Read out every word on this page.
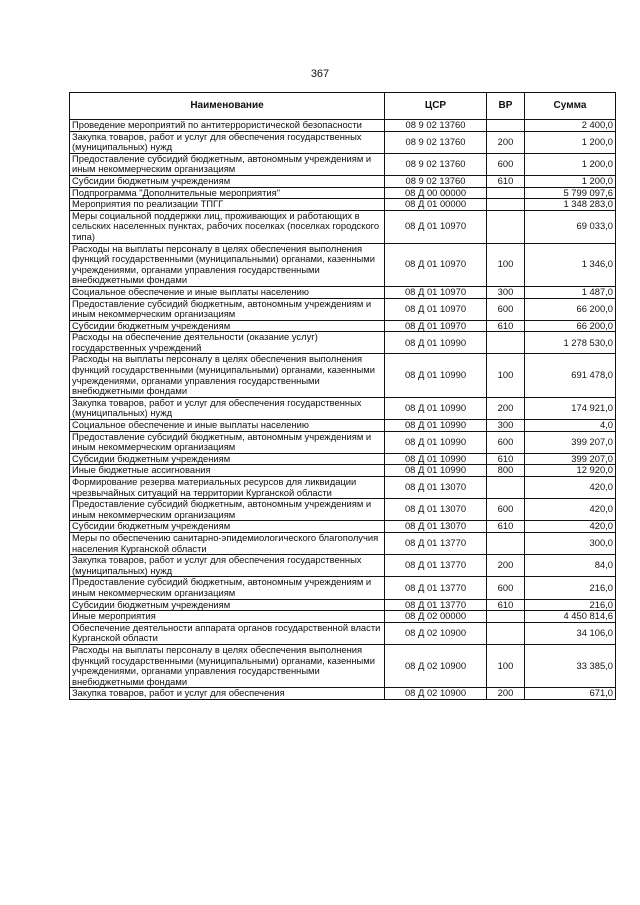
367
Наименование	ЦСР	ВР	Сумма
Проведение мероприятий по антитеррористической безопасности	08 9 02 13760		2 400,0
Закупка товаров, работ и услуг для обеспечения государственных (муниципальных) нужд	08 9 02 13760	200	1 200,0
Предоставление субсидий бюджетным, автономным учреждениям и иным некоммерческим организациям	08 9 02 13760	600	1 200,0
Субсидии бюджетным учреждениям	08 9 02 13760	610	1 200,0
Подпрограмма "Дополнительные мероприятия"	08 Д 00 00000		5 799 097,6
Мероприятия по реализации ТПГГ	08 Д 01 00000		1 348 283,0
Меры социальной поддержки лиц, проживающих и работающих в сельских населенных пунктах, рабочих поселках (поселках городского типа)	08 Д 01 10970		69 033,0
Расходы на выплаты персоналу в целях обеспечения выполнения функций государственными (муниципальными) органами, казенными учреждениями, органами управления государственными внебюджетными фондами	08 Д 01 10970	100	1 346,0
Социальное обеспечение и иные выплаты населению	08 Д 01 10970	300	1 487,0
Предоставление субсидий бюджетным, автономным учреждениям и иным некоммерческим организациям	08 Д 01 10970	600	66 200,0
Субсидии бюджетным учреждениям	08 Д 01 10970	610	66 200,0
Расходы на обеспечение деятельности (оказание услуг) государственных учреждений	08 Д 01 10990		1 278 530,0
Расходы на выплаты персоналу в целях обеспечения выполнения функций государственными (муниципальными) органами, казенными учреждениями, органами управления государственными внебюджетными фондами	08 Д 01 10990	100	691 478,0
Закупка товаров, работ и услуг для обеспечения государственных (муниципальных) нужд	08 Д 01 10990	200	174 921,0
Социальное обеспечение и иные выплаты населению	08 Д 01 10990	300	4,0
Предоставление субсидий бюджетным, автономным учреждениям и иным некоммерческим организациям	08 Д 01 10990	600	399 207,0
Субсидии бюджетным учреждениям	08 Д 01 10990	610	399 207,0
Иные бюджетные ассигнования	08 Д 01 10990	800	12 920,0
Формирование резерва материальных ресурсов для ликвидации чрезвычайных ситуаций на территории Курганской области	08 Д 01 13070		420,0
Предоставление субсидий бюджетным, автономным учреждениям и иным некоммерческим организациям	08 Д 01 13070	600	420,0
Субсидии бюджетным учреждениям	08 Д 01 13070	610	420,0
Меры по обеспечению санитарно-эпидемиологического благополучия населения Курганской области	08 Д 01 13770		300,0
Закупка товаров, работ и услуг для обеспечения государственных (муниципальных) нужд	08 Д 01 13770	200	84,0
Предоставление субсидий бюджетным, автономным учреждениям и иным некоммерческим организациям	08 Д 01 13770	600	216,0
Субсидии бюджетным учреждениям	08 Д 01 13770	610	216,0
Иные мероприятия	08 Д 02 00000		4 450 814,6
Обеспечение деятельности аппарата органов государственной власти Курганской области	08 Д 02 10900		34 106,0
Расходы на выплаты персоналу в целях обеспечения выполнения функций государственными (муниципальными) органами, казенными учреждениями, органами управления государственными внебюджетными фондами	08 Д 02 10900	100	33 385,0
Закупка товаров, работ и услуг для обеспечения	08 Д 02 10900	200	671,0
